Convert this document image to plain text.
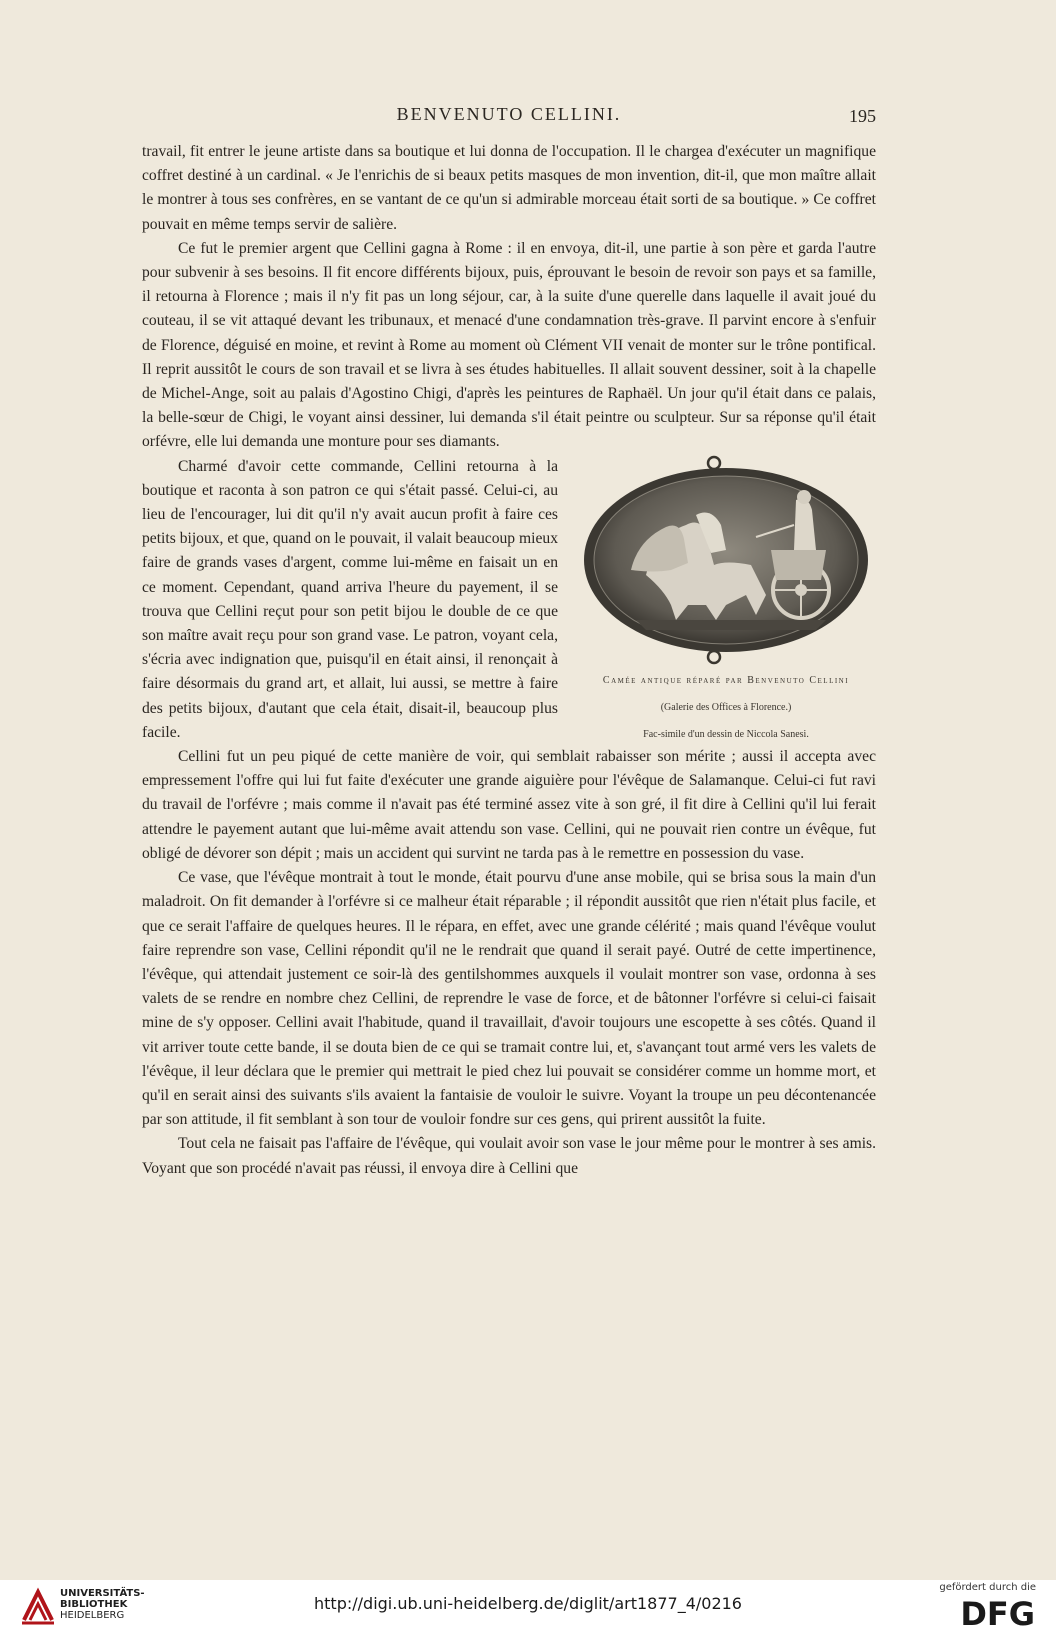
BENVENUTO CELLINI.	195

travail, fit entrer le jeune artiste dans sa boutique et lui donna de l'occupation. Il le chargea d'exécuter un magnifique coffret destiné à un cardinal. « Je l'enrichis de si beaux petits masques de mon invention, dit-il, que mon maître allait le montrer à tous ses confrères, en se vantant de ce qu'un si admirable morceau était sorti de sa boutique. » Ce coffret pouvait en même temps servir de salière.

Ce fut le premier argent que Cellini gagna à Rome : il en envoya, dit-il, une partie à son père et garda l'autre pour subvenir à ses besoins. Il fit encore différents bijoux, puis, éprouvant le besoin de revoir son pays et sa famille, il retourna à Florence ; mais il n'y fit pas un long séjour, car, à la suite d'une querelle dans laquelle il avait joué du couteau, il se vit attaqué devant les tribunaux, et menacé d'une condamnation très-grave. Il parvint encore à s'enfuir de Florence, déguisé en moine, et revint à Rome au moment où Clément VII venait de monter sur le trône pontifical. Il reprit aussitôt le cours de son travail et se livra à ses études habituelles. Il allait souvent dessiner, soit à la chapelle de Michel-Ange, soit au palais d'Agostino Chigi, d'après les peintures de Raphaël. Un jour qu'il était dans ce palais, la belle-sœur de Chigi, le voyant ainsi dessiner, lui demanda s'il était peintre ou sculpteur. Sur sa réponse qu'il était orfévre, elle lui demanda une monture pour ses diamants.

Camée antique réparé par Benvenuto Cellini
(Galerie des Offices à Florence.)
Fac-simile d'un dessin de Niccola Sanesi.

Charmé d'avoir cette commande, Cellini retourna à la boutique et raconta à son patron ce qui s'était passé. Celui-ci, au lieu de l'encourager, lui dit qu'il n'y avait aucun profit à faire ces petits bijoux, et que, quand on le pouvait, il valait beaucoup mieux faire de grands vases d'argent, comme lui-même en faisait un en ce moment. Cependant, quand arriva l'heure du payement, il se trouva que Cellini reçut pour son petit bijou le double de ce que son maître avait reçu pour son grand vase. Le patron, voyant cela, s'écria avec indignation que, puisqu'il en était ainsi, il renonçait à faire désormais du grand art, et allait, lui aussi, se mettre à faire des petits bijoux, d'autant que cela était, disait-il, beaucoup plus facile.

Cellini fut un peu piqué de cette manière de voir, qui semblait rabaisser son mérite ; aussi il accepta avec empressement l'offre qui lui fut faite d'exécuter une grande aiguière pour l'évêque de Salamanque. Celui-ci fut ravi du travail de l'orfévre ; mais comme il n'avait pas été terminé assez vite à son gré, il fit dire à Cellini qu'il lui ferait attendre le payement autant que lui-même avait attendu son vase. Cellini, qui ne pouvait rien contre un évêque, fut obligé de dévorer son dépit ; mais un accident qui survint ne tarda pas à le remettre en possession du vase.

Ce vase, que l'évêque montrait à tout le monde, était pourvu d'une anse mobile, qui se brisa sous la main d'un maladroit. On fit demander à l'orfévre si ce malheur était réparable ; il répondit aussitôt que rien n'était plus facile, et que ce serait l'affaire de quelques heures. Il le répara, en effet, avec une grande célérité ; mais quand l'évêque voulut faire reprendre son vase, Cellini répondit qu'il ne le rendrait que quand il serait payé. Outré de cette impertinence, l'évêque, qui attendait justement ce soir-là des gentilshommes auxquels il voulait montrer son vase, ordonna à ses valets de se rendre en nombre chez Cellini, de reprendre le vase de force, et de bâtonner l'orfévre si celui-ci faisait mine de s'y opposer. Cellini avait l'habitude, quand il travaillait, d'avoir toujours une escopette à ses côtés. Quand il vit arriver toute cette bande, il se douta bien de ce qui se tramait contre lui, et, s'avançant tout armé vers les valets de l'évêque, il leur déclara que le premier qui mettrait le pied chez lui pouvait se considérer comme un homme mort, et qu'il en serait ainsi des suivants s'ils avaient la fantaisie de vouloir le suivre. Voyant la troupe un peu décontenancée par son attitude, il fit semblant à son tour de vouloir fondre sur ces gens, qui prirent aussitôt la fuite.

Tout cela ne faisait pas l'affaire de l'évêque, qui voulait avoir son vase le jour même pour le montrer à ses amis. Voyant que son procédé n'avait pas réussi, il envoya dire à Cellini que

UNIVERSITÄTS-
BIBLIOTHEK
HEIDELBERG
http://digi.ub.uni-heidelberg.de/diglit/art1877_4/0216
gefördert durch die
DFG
